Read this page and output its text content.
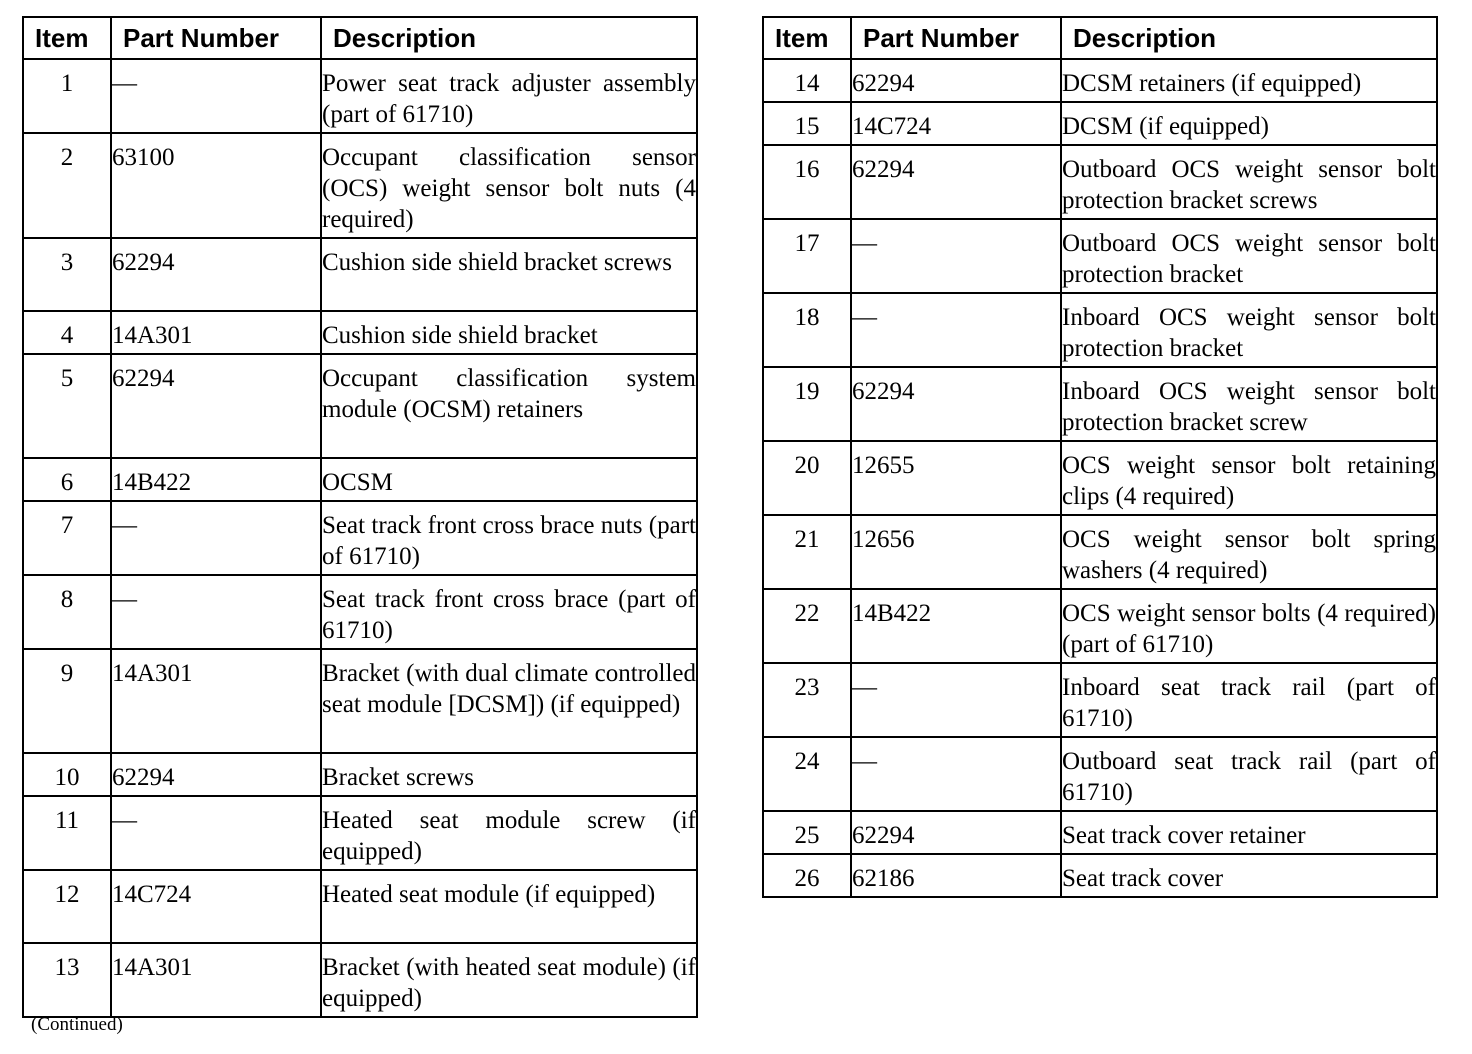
Item	Part Number	Description
1	—	Power seat track adjuster assembly (part of 61710)
2	63100	Occupant classification sensor (OCS) weight sensor bolt nuts (4 required)
3	62294	Cushion side shield bracket screws
4	14A301	Cushion side shield bracket
5	62294	Occupant classification system module (OCSM) retainers
6	14B422	OCSM
7	—	Seat track front cross brace nuts (part of 61710)
8	—	Seat track front cross brace (part of 61710)
9	14A301	Bracket (with dual climate controlled seat module [DCSM]) (if equipped)
10	62294	Bracket screws
11	—	Heated seat module screw (if equipped)
12	14C724	Heated seat module (if equipped)
13	14A301	Bracket (with heated seat module) (if equipped)
Item	Part Number	Description
14	62294	DCSM retainers (if equipped)
15	14C724	DCSM (if equipped)
16	62294	Outboard OCS weight sensor bolt protection bracket screws
17	—	Outboard OCS weight sensor bolt protection bracket
18	—	Inboard OCS weight sensor bolt protection bracket
19	62294	Inboard OCS weight sensor bolt protection bracket screw
20	12655	OCS weight sensor bolt retaining clips (4 required)
21	12656	OCS weight sensor bolt spring washers (4 required)
22	14B422	OCS weight sensor bolts (4 required) (part of 61710)
23	—	Inboard seat track rail (part of 61710)
24	—	Outboard seat track rail (part of 61710)
25	62294	Seat track cover retainer
26	62186	Seat track cover
(Continued)
